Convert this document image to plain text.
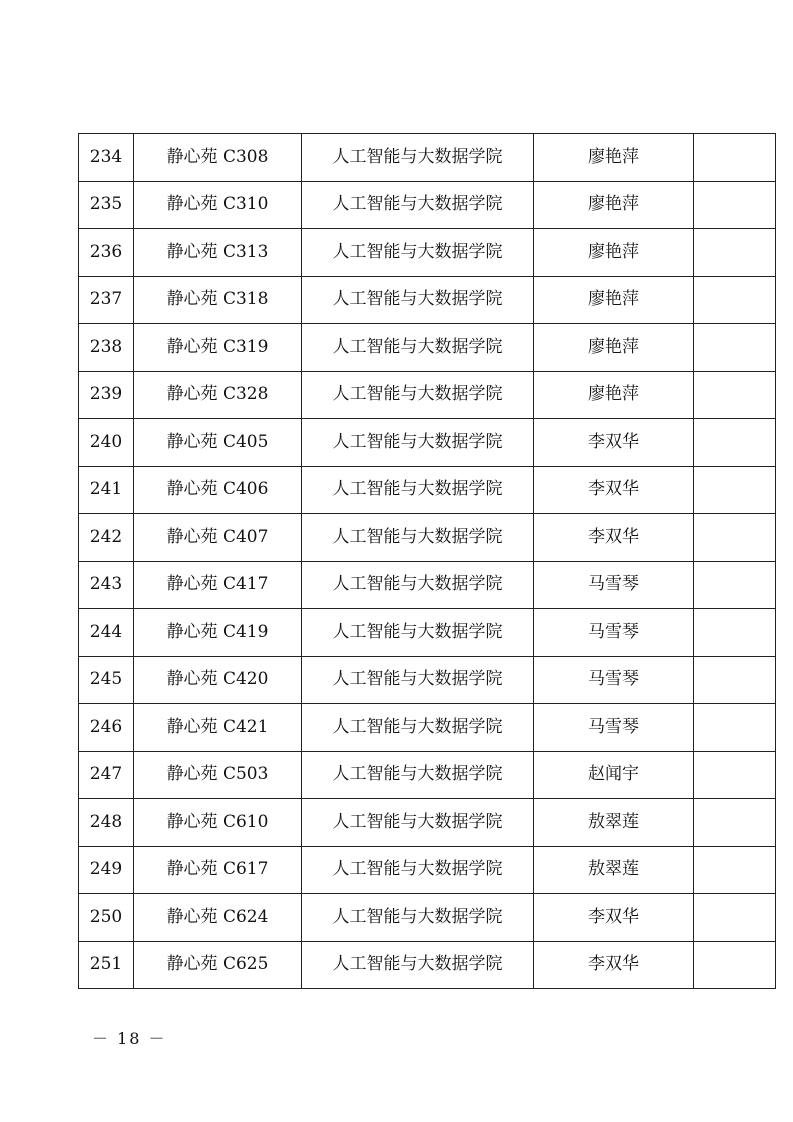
234	静心苑 C308	人工智能与大数据学院	廖艳萍	
235	静心苑 C310	人工智能与大数据学院	廖艳萍	
236	静心苑 C313	人工智能与大数据学院	廖艳萍	
237	静心苑 C318	人工智能与大数据学院	廖艳萍	
238	静心苑 C319	人工智能与大数据学院	廖艳萍	
239	静心苑 C328	人工智能与大数据学院	廖艳萍	
240	静心苑 C405	人工智能与大数据学院	李双华	
241	静心苑 C406	人工智能与大数据学院	李双华	
242	静心苑 C407	人工智能与大数据学院	李双华	
243	静心苑 C417	人工智能与大数据学院	马雪琴	
244	静心苑 C419	人工智能与大数据学院	马雪琴	
245	静心苑 C420	人工智能与大数据学院	马雪琴	
246	静心苑 C421	人工智能与大数据学院	马雪琴	
247	静心苑 C503	人工智能与大数据学院	赵闻宇	
248	静心苑 C610	人工智能与大数据学院	敖翠莲	
249	静心苑 C617	人工智能与大数据学院	敖翠莲	
250	静心苑 C624	人工智能与大数据学院	李双华	
251	静心苑 C625	人工智能与大数据学院	李双华	
－ 18 －
